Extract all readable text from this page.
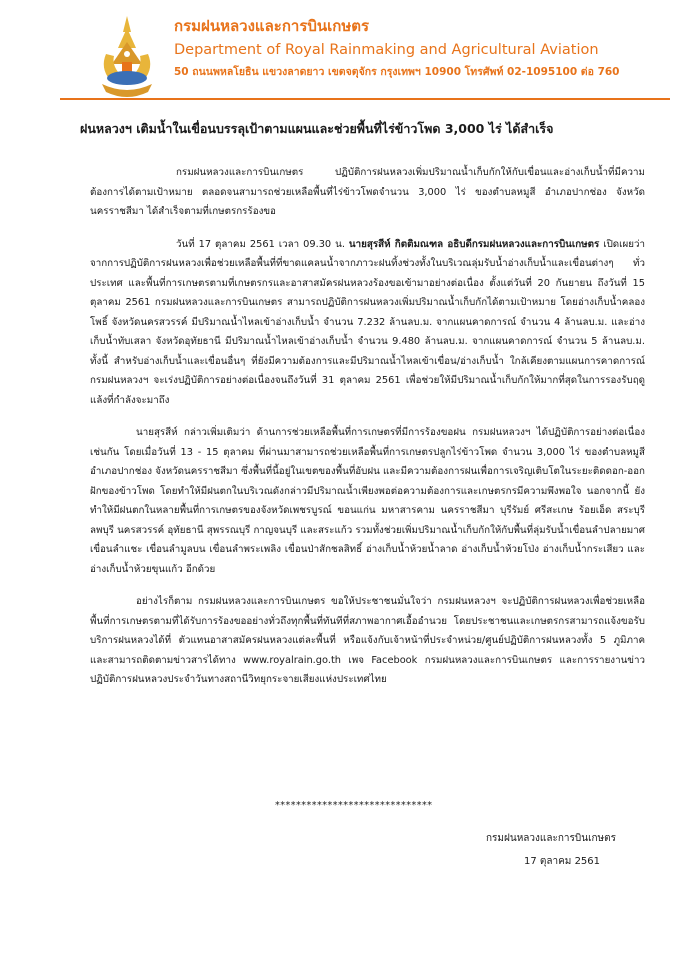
กรมฝนหลวงและการบินเกษตร
Department of Royal Rainmaking and Agricultural Aviation
50 ถนนพหลโยธิน แขวงลาดยาว เขตจตุจักร กรุงเทพฯ 10900 โทรศัพท์ 02-1095100 ต่อ 760
ฝนหลวงฯ เติมน้ำในเขื่อนบรรลุเป้าตามแผนและช่วยพื้นที่ไร่ข้าวโพด 3,000 ไร่ ได้สำเร็จ

กรมฝนหลวงและการบินเกษตร ปฏิบัติการฝนหลวงเพิ่มปริมาณน้ำเก็บกักให้กับเขื่อนและอ่างเก็บน้ำที่มีความต้องการได้ตามเป้าหมาย ตลอดจนสามารถช่วยเหลือพื้นที่ไร่ข้าวโพดจำนวน 3,000 ไร่ ของตำบลหมูสี อำเภอปากช่อง จังหวัดนครราชสีมา ได้สำเร็จตามที่เกษตรกรร้องขอ

วันที่ 17 ตุลาคม 2561 เวลา 09.30 น. นายสุรสีห์ กิตติมณฑล อธิบดีกรมฝนหลวงและการบินเกษตร เปิดเผยว่า จากการปฏิบัติการฝนหลวงเพื่อช่วยเหลือพื้นที่ที่ขาดแคลนน้ำจากภาวะฝนทิ้งช่วงทั้งในบริเวณลุ่มรับน้ำอ่างเก็บน้ำและเขื่อนต่างๆ ทั่วประเทศ และพื้นที่การเกษตรตามที่เกษตรกรและอาสาสมัครฝนหลวงร้องขอเข้ามาอย่างต่อเนื่อง ตั้งแต่วันที่ 20 กันยายน ถึงวันที่ 15 ตุลาคม 2561 กรมฝนหลวงและการบินเกษตร สามารถปฏิบัติการฝนหลวงเพิ่มปริมาณน้ำเก็บกักได้ตามเป้าหมาย โดยอ่างเก็บน้ำคลองโพธิ์ จังหวัดนครสวรรค์ มีปริมาณน้ำไหลเข้าอ่างเก็บน้ำ จำนวน 7.232 ล้านลบ.ม. จากแผนคาดการณ์ จำนวน 4 ล้านลบ.ม. และอ่างเก็บน้ำทับเสลา จังหวัดอุทัยธานี มีปริมาณน้ำไหลเข้าอ่างเก็บน้ำ จำนวน 9.480 ล้านลบ.ม. จากแผนคาดการณ์ จำนวน 5 ล้านลบ.ม. ทั้งนี้ สำหรับอ่างเก็บน้ำและเขื่อนอื่นๆ ที่ยังมีความต้องการและมีปริมาณน้ำไหลเข้าเขื่อน/อ่างเก็บน้ำ ใกล้เคียงตามแผนการคาดการณ์ กรมฝนหลวงฯ จะเร่งปฏิบัติการอย่างต่อเนื่องจนถึงวันที่ 31 ตุลาคม 2561 เพื่อช่วยให้มีปริมาณน้ำเก็บกักให้มากที่สุดในการรองรับฤดูแล้งที่กำลังจะมาถึง

นายสุรสีห์ กล่าวเพิ่มเติมว่า ด้านการช่วยเหลือพื้นที่การเกษตรที่มีการร้องขอฝน กรมฝนหลวงฯ ได้ปฏิบัติการอย่างต่อเนื่องเช่นกัน โดยเมื่อวันที่ 13 - 15 ตุลาคม ที่ผ่านมาสามารถช่วยเหลือพื้นที่การเกษตรปลูกไร่ข้าวโพด จำนวน 3,000 ไร่ ของตำบลหมูสี อำเภอปากช่อง จังหวัดนครราชสีมา ซึ่งพื้นที่นี้อยู่ในเขตของพื้นที่อับฝน และมีความต้องการฝนเพื่อการเจริญเติบโตในระยะติดดอก-ออกฝักของข้าวโพด โดยทำให้มีฝนตกในบริเวณดังกล่าวมีปริมาณน้ำเพียงพอต่อความต้องการและเกษตรกรมีความพึงพอใจ นอกจากนี้ ยังทำให้มีฝนตกในหลายพื้นที่การเกษตรของจังหวัดเพชรบูรณ์ ขอนแก่น มหาสารคาม นครราชสีมา บุรีรัมย์ ศรีสะเกษ ร้อยเอ็ด สระบุรี ลพบุรี นครสวรรค์ อุทัยธานี สุพรรณบุรี กาญจนบุรี และสระแก้ว รวมทั้งช่วยเพิ่มปริมาณน้ำเก็บกักให้กับพื้นที่ลุ่มรับน้ำเขื่อนลำปลายมาศ เขื่อนลำแชะ เขื่อนลำมูลบน เขื่อนลำพระเพลิง เขื่อนป่าสักชลสิทธิ์ อ่างเก็บน้ำห้วยน้ำลาด อ่างเก็บน้ำห้วยโป่ง อ่างเก็บน้ำกระเสียว และอ่างเก็บน้ำห้วยขุนแก้ว อีกด้วย

อย่างไรก็ตาม กรมฝนหลวงและการบินเกษตร ขอให้ประชาชนมั่นใจว่า กรมฝนหลวงฯ จะปฏิบัติการฝนหลวงเพื่อช่วยเหลือพื้นที่การเกษตรตามที่ได้รับการร้องขออย่างทั่วถึงทุกพื้นที่ทันทีที่สภาพอากาศเอื้ออำนวย โดยประชาชนและเกษตรกรสามารถแจ้งขอรับบริการฝนหลวงได้ที่ ตัวแทนอาสาสมัครฝนหลวงแต่ละพื้นที่ หรือแจ้งกับเจ้าหน้าที่ประจำหน่วย/ศูนย์ปฏิบัติการฝนหลวงทั้ง 5 ภูมิภาค และสามารถติดตามข่าวสารได้ทาง www.royalrain.go.th เพจ Facebook กรมฝนหลวงและการบินเกษตร และการรายงานข่าวปฏิบัติการฝนหลวงประจำวันทางสถานีวิทยุกระจายเสียงแห่งประเทศไทย

******************************
กรมฝนหลวงและการบินเกษตร
17 ตุลาคม 2561
